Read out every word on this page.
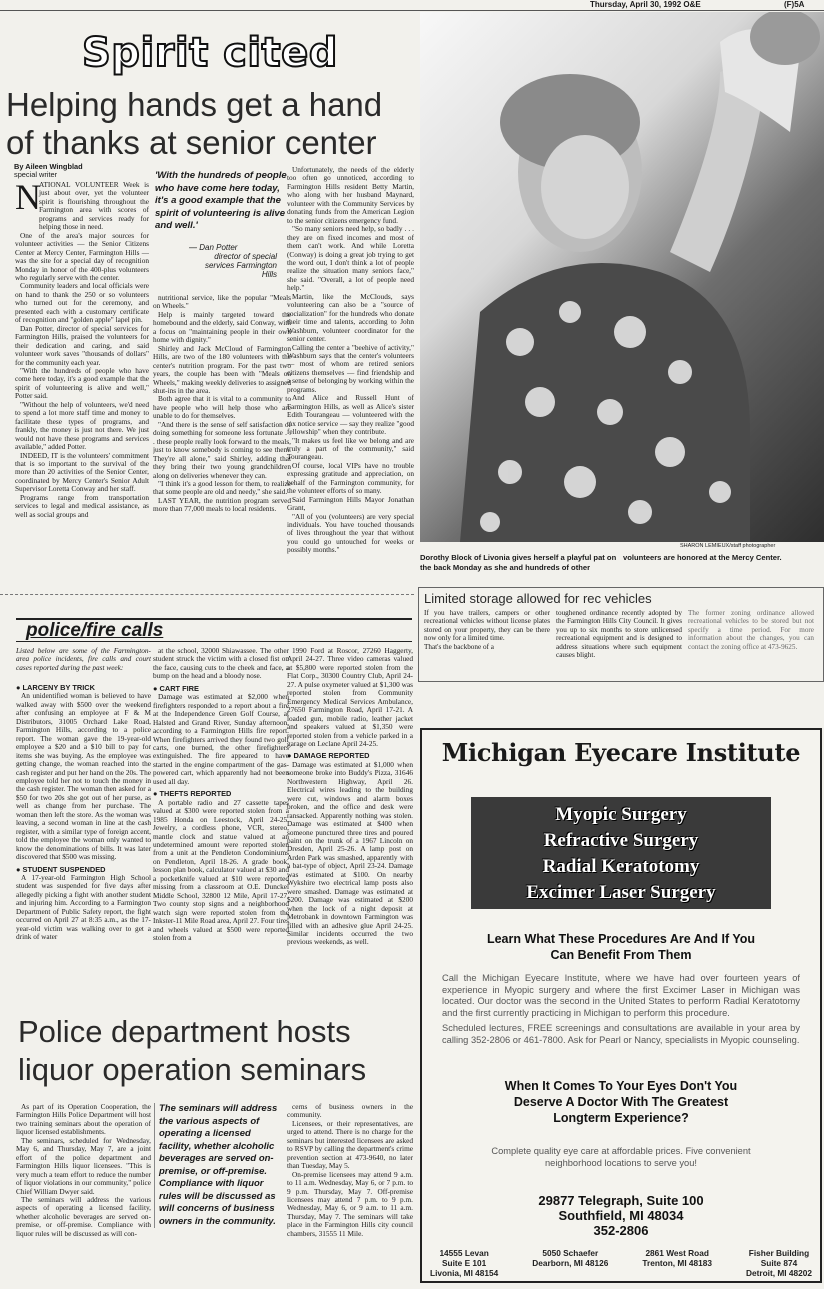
Thursday, April 30, 1992 O&E	(F)5A
Spirit cited
Helping hands get a hand of thanks at senior center
By Aileen Wingblad
special writer
N

ATIONAL VOLUNTEER Week is just about over, yet the volunteer spirit is flourishing throughout the Farmington area with scores of programs and services ready for helping those in need.

One of the area's major sources for volunteer activities — the Senior Citizens Center at Mercy Center, Farmington Hills — was the site for a special day of recognition Monday in honor of the 400-plus volunteers who regularly serve with the center.

Community leaders and local officials were on hand to thank the 250 or so volunteers who turned out for the ceremony, and presented each with a customary certificate of recognition and "golden apple" lapel pin.

Dan Potter, director of special services for Farmington Hills, praised the volunteers for their dedication and caring, and said volunteer work saves "thousands of dollars" for the community each year.

"With the hundreds of people who have come here today, it's a good example that the spirit of volunteering is alive and well," Potter said.

"Without the help of volunteers, we'd need to spend a lot more staff time and money to facilitate these types of programs, and frankly, the money is just not there. We just would not have these programs and services available," added Potter.

INDEED, IT is the volunteers' commitment that is so important to the survival of the more than 20 activities of the Senior Center, coordinated by Mercy Center's Senior Adult Supervisor Loretta Conway and her staff.

Programs range from transportation services to legal and medical assistance, as well as social groups and

'With the hundreds of people who have come here today, it's a good example that the spirit of volunteering is alive and well.'
— Dan Potter
director of special services Farmington Hills

nutritional service, like the popular "Meals on Wheels."

Help is mainly targeted toward the homebound and the elderly, said Conway, with a focus on "maintaining people in their own home with dignity."

Shirley and Jack McCloud of Farmington Hills, are two of the 180 volunteers with the center's nutrition program. For the past two years, the couple has been with "Meals on Wheels," making weekly deliveries to assigned shut-ins in the area.

Both agree that it is vital to a community to have people who will help those who are unable to do for themselves.

"And there is the sense of self satisfaction of doing something for someone less fortunate . . . these people really look forward to the meals, just to know somebody is coming to see them. They're all alone," said Shirley, adding that they bring their two young grandchildren along on deliveries whenever they can.

"I think it's a good lesson for them, to realize that some people are old and needy," she said.

LAST YEAR, the nutrition program served more than 77,000 meals to local residents.

Unfortunately, the needs of the elderly too often go unnoticed, according to Farmington Hills resident Betty Martin, who along with her husband Maynard, volunteer with the Community Services by donating funds from the American Legion to the senior citizens emergency fund.

"So many seniors need help, so badly . . . they are on fixed incomes and most of them can't work. And while Loretta (Conway) is doing a great job trying to get the word out, I don't think a lot of people realize the situation many seniors face," she said. "Overall, a lot of people need help."

Martin, like the McClouds, says volunteering can also be a "source of socialization" for the hundreds who donate their time and talents, according to John Washburn, volunteer coordinator for the senior center.

Calling the center a "beehive of activity," Washburn says that the center's volunteers — most of whom are retired seniors citizens themselves — find friendship and a sense of belonging by working within the programs.

And Alice and Russell Hunt of Farmington Hills, as well as Alice's sister Edith Tourangeau — volunteered with the tax notice service — say they realize "good fellowship" when they contribute.

"It makes us feel like we belong and are truly a part of the community," said Tourangeau.

Of course, local VIPs have no trouble expressing gratitude and appreciation, on behalf of the Farmington community, for the volunteer efforts of so many.

Said Farmington Hills Mayor Jonathan Grant,

"All of you (volunteers) are very special individuals. You have touched thousands of lives throughout the year that without you could go untouched for weeks or possibly months."	SHARON LEMIEUX/staff photographer
Dorothy Block of Livonia gives herself a playful pat on the back Monday as she and hundreds of other volunteers are honored at the Mercy Center.
Limited storage allowed for rec vehicles
If you have trailers, campers or other recreational vehicles without license plates stored on your property, they can be there now only for a limited time.
That's the backbone of a
toughened ordinance recently adopted by the Farmington Hills City Council. It gives you up to six months to store unlicensed recreational equipment and is designed to address situations where such equipment causes blight.
The former zoning ordinance allowed recreational vehicles to be stored but not specify a time period. For more information about the changes, you can contact the zoning office at 473-9625.
police/fire calls
Listed below are some of the Farmington-area police incidents, fire calls and court cases reported during the past week:
● LARCENY BY TRICK

An unidentified woman is believed to have walked away with $500 over the weekend after confusing an employee at F & M Distributors, 31005 Orchard Lake Road, Farmington Hills, according to a police report. The woman gave the 19-year-old employee a $20 and a $10 bill to pay for items she was buying. As the employee was getting change, the woman reached into the cash register and put her hand on the 20s. The employee told her not to touch the money in the cash register. The woman then asked for a $50 for two 20s she got out of her purse, as well as change from her purchase. The woman then left the store. As the woman was leaving, a second woman in line at the cash register, with a similar type of foreign accent, told the employee the woman only wanted to know the denominations of bills. It was later discovered that $500 was missing.

● STUDENT SUSPENDED

A 17-year-old Farmington High School student was suspended for five days after allegedly picking a fight with another student and injuring him. According to a Farmington Department of Public Safety report, the fight occurred on April 27 at 8:35 a.m., as the 17-year-old victim was walking over to get a drink of water

at the school, 32000 Shiawassee. The other student struck the victim with a closed fist on the face, causing cuts to the cheek and face, a bump on the head and a bloody nose.

● CART FIRE

Damage was estimated at $2,000 when firefighters responded to a report about a fire at the Independence Green Golf Course, at Halsted and Grand River, Sunday afternoon, according to a Farmington Hills fire report. When firefighters arrived they found two golf carts, one burned, the other firefighters extinguished. The fire appeared to have started in the engine compartment of the gas-powered cart, which apparently had not been used all day.

● THEFTS REPORTED

A portable radio and 27 cassette tapes valued at $300 were reported stolen from a 1985 Honda on Leestock, April 24-25. Jewelry, a cordless phone, VCR, stereo, mantle clock and statue valued at an undetermined amount were reported stolen from a unit at the Pendleton Condominiums on Pendleton, April 18-26. A grade book, lesson plan book, calculator valued at $30 and a pocketknife valued at $10 were reported missing from a classroom at O.E. Dunckel Middle School, 32800 12 Mile, April 17-27. Two county stop signs and a neighborhood watch sign were reported stolen from the Inkster-11 Mile Road area, April 27. Four tires and wheels valued at $500 were reported stolen from a

1990 Ford at Roscor, 27260 Haggerty, April 24-27. Three video cameras valued at $5,800 were reported stolen from the Flat Corp., 30300 Country Club, April 24-27. A pulse oxymeter valued at $1,300 was reported stolen from Community Emergency Medical Services Ambulance, 27650 Farmington Road, April 17-21. A loaded gun, mobile radio, leather jacket and speakers valued at $1,350 were reported stolen from a vehicle parked in a garage on Leclane April 24-25.

● DAMAGE REPORTED

Damage was estimated at $1,000 when someone broke into Buddy's Pizza, 31646 Northwestern Highway, April 26. Electrical wires leading to the building were cut, windows and alarm boxes broken, and the office and desk were ransacked. Apparently nothing was stolen. Damage was estimated at $400 when someone punctured three tires and poured paint on the trunk of a 1967 Lincoln on Dresden, April 25-26. A lamp post on Arden Park was smashed, apparently with a bat-type of object, April 23-24. Damage was estimated at $100. On nearby Wykshire two electrical lamp posts also were smashed. Damage was estimated at $200. Damage was estimated at $200 when the lock of a night deposit at Metrobank in downtown Farmington was filled with an adhesive glue April 24-25. Similar incidents occurred the two previous weekends, as well.

Police department hosts liquor operation seminars

As part of its Operation Cooperation, the Farmington Hills Police Department will host two training seminars about the operation of liquor licensed establishments.

The seminars, scheduled for Wednesday, May 6, and Thursday, May 7, are a joint effort of the police department and Farmington Hills liquor licensees. "This is very much a team effort to reduce the number of liquor violations in our community," police Chief William Dwyer said.

The seminars will address the various aspects of operating a licensed facility, whether alcoholic beverages are served on-premise, or off-premise. Compliance with liquor rules will be discussed as will con-

The seminars will address the various aspects of operating a licensed facility, whether alcoholic beverages are served on-premise, or off-premise. Compliance with liquor rules will be discussed as will concerns of business owners in the community.

cerns of business owners in the community.

Licensees, or their representatives, are urged to attend. There is no charge for the seminars but interested licensees are asked to RSVP by calling the department's crime prevention section at 473-9640, no later than Tuesday, May 5.

On-premise licensees may attend 9 a.m. to 11 a.m. Wednesday, May 6, or 7 p.m. to 9 p.m. Thursday, May 7. Off-premise licensees may attend 7 p.m. to 9 p.m. Wednesday, May 6, or 9 a.m. to 11 a.m. Thursday, May 7. The seminars will take place in the Farmington Hills city council chambers, 31555 11 Mile.

Michigan Eyecare Institute
Myopic Surgery
Refractive Surgery
Radial Keratotomy
Excimer Laser Surgery
Learn What These Procedures Are And If You Can Benefit From Them
Call the Michigan Eyecare Institute, where we have had over fourteen years of experience in Myopic surgery and where the first Excimer Laser in Michigan was located. Our doctor was the second in the United States to perform Radial Keratotomy and the first currently practicing in Michigan to perform this procedure.
Scheduled lectures, FREE screenings and consultations are available in your area by calling 352-2806 or 461-7800. Ask for Pearl or Nancy, specialists in Myopic counseling.
When It Comes To Your Eyes Don't You Deserve A Doctor With The Greatest Longterm Experience?
Complete quality eye care at affordable prices. Five convenient neighborhood locations to serve you!
29877 Telegraph, Suite 100
Southfield, MI 48034
352-2806
14555 Levan
Suite E 101
Livonia, MI 48154
5050 Schaefer
Dearborn, MI 48126
2861 West Road
Trenton, MI 48183
Fisher Building
Suite 874
Detroit, MI 48202
